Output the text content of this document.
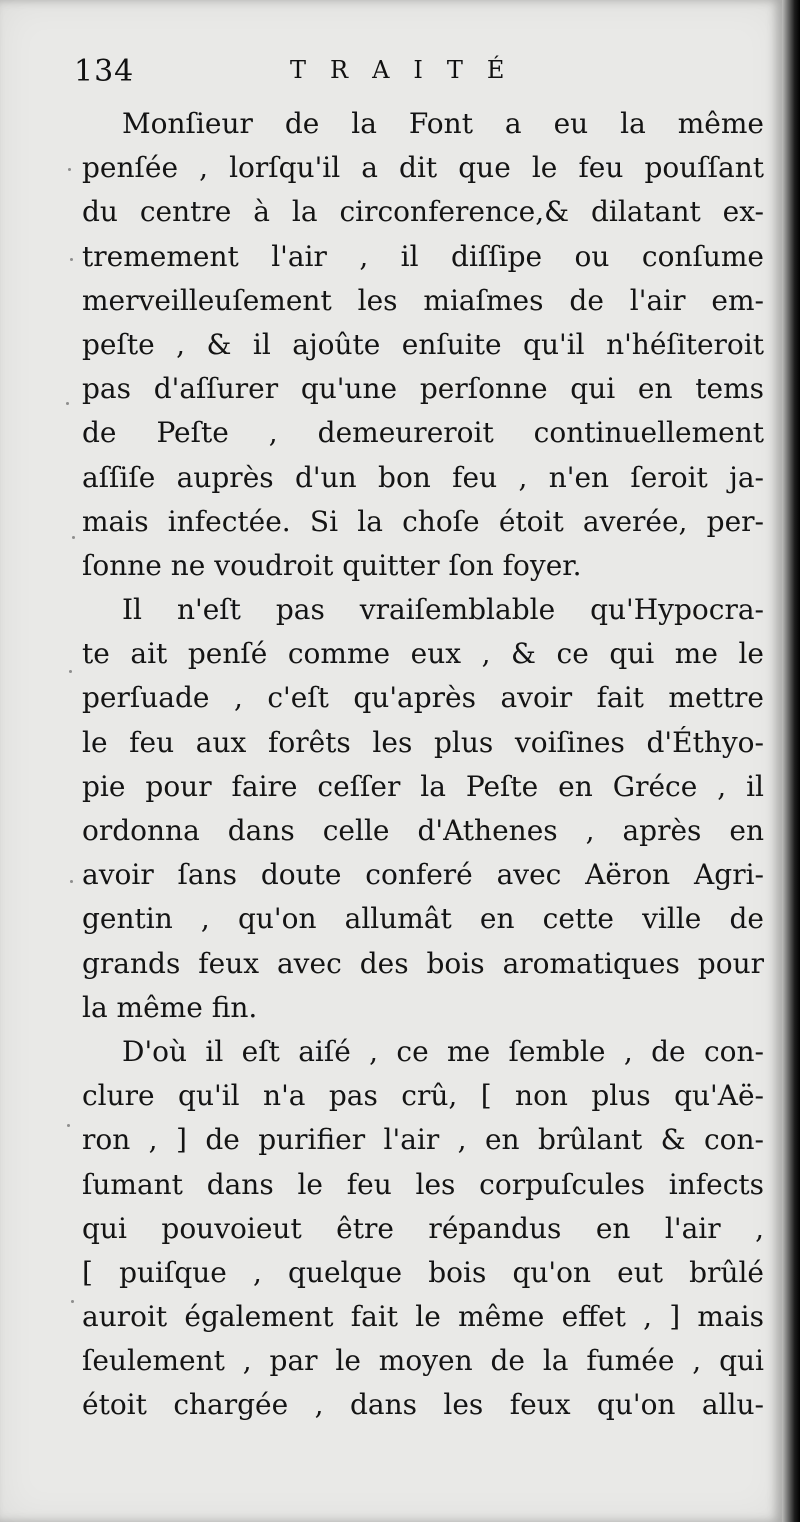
134	TRAITÉ
Monſieur de la Font a eu la même
penſée , lorſqu'il a dit que le feu pouſſant
du centre à la circonference,& dilatant ex-
tremement l'air , il diſſipe ou conſume
merveilleuſement les miaſmes de l'air em-
peſte , & il ajoûte enſuite qu'il n'héſiteroit
pas d'aſſurer qu'une perſonne qui en tems
de Peſte , demeureroit continuellement
aſſiſe auprès d'un bon feu , n'en ſeroit ja-
mais infectée. Si la choſe étoit averée, per-
ſonne ne voudroit quitter ſon foyer.
Il n'eſt pas vraiſemblable qu'Hypocra-
te ait penſé comme eux , & ce qui me le
perſuade , c'eſt qu'après avoir fait mettre
le feu aux forêts les plus voiſines d'Éthyo-
pie pour faire ceſſer la Peſte en Gréce , il
ordonna dans celle d'Athenes , après en
avoir ſans doute conferé avec Aëron Agri-
gentin , qu'on allumât en cette ville de
grands feux avec des bois aromatiques pour
la même fin.
D'où il eſt aiſé , ce me ſemble , de con-
clure qu'il n'a pas crû, [ non plus qu'Aë-
ron , ] de purifier l'air , en brûlant & con-
ſumant dans le feu les corpuſcules infects
qui pouvoieut être répandus en l'air ,
[ puiſque , quelque bois qu'on eut brûlé
auroit également fait le même effet , ] mais
ſeulement , par le moyen de la fumée , qui
étoit chargée , dans les feux qu'on allu-
